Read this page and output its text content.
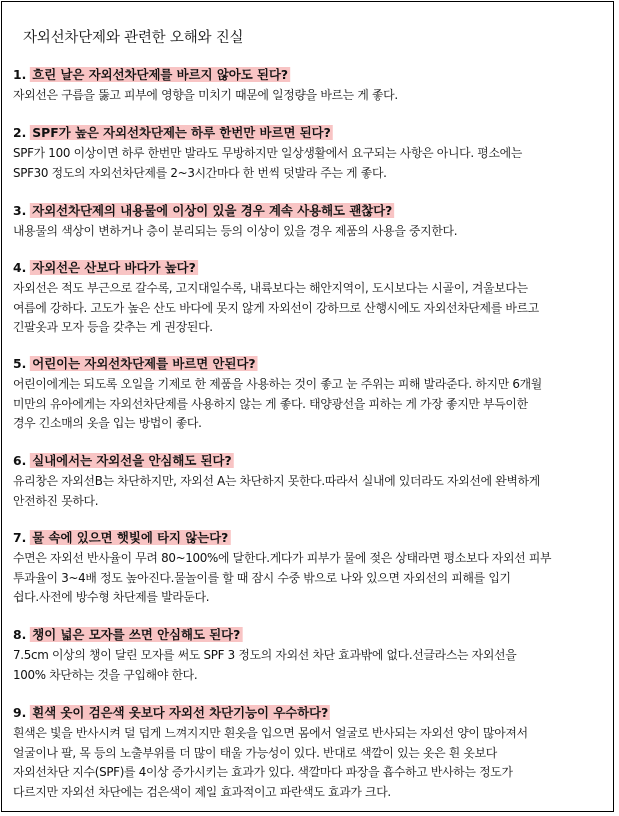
자외선차단제와 관련한 오해와 진실
1. 흐린 날은 자외선차단제를 바르지 않아도 된다?
자외선은 구름을 뚫고 피부에 영향을 미치기 때문에 일정량을 바르는 게 좋다.
2. SPF가 높은 자외선차단제는 하루 한번만 바르면 된다?
SPF가 100 이상이면 하루 한번만 발라도 무방하지만 일상생활에서 요구되는 사항은 아니다. 평소에는
SPF30 정도의 자외선차단제를 2~3시간마다 한 번씩 덧발라 주는 게 좋다.
3. 자외선차단제의 내용물에 이상이 있을 경우 계속 사용해도 괜찮다?
내용물의 색상이 변하거나 층이 분리되는 등의 이상이 있을 경우 제품의 사용을 중지한다.
4. 자외선은 산보다 바다가 높다?
자외선은 적도 부근으로 갈수록, 고지대일수록, 내륙보다는 해안지역이, 도시보다는 시골이, 겨울보다는
여름에 강하다. 고도가 높은 산도 바다에 못지 않게 자외선이 강하므로 산행시에도 자외선차단제를 바르고
긴팔옷과 모자 등을 갖추는 게 권장된다.
5. 어린이는 자외선차단제를 바르면 안된다?
어린이에게는 되도록 오일을 기제로 한 제품을 사용하는 것이 좋고 눈 주위는 피해 발라준다. 하지만 6개월
미만의 유아에게는 자외선차단제를 사용하지 않는 게 좋다. 태양광선을 피하는 게 가장 좋지만 부득이한
경우 긴소매의 옷을 입는 방법이 좋다.
6. 실내에서는 자외선을 안심해도 된다?
유리창은 자외선B는 차단하지만, 자외선 A는 차단하지 못한다.따라서 실내에 있더라도 자외선에 완벽하게
안전하진 못하다.
7. 물 속에 있으면 햇빛에 타지 않는다?
수면은 자외선 반사율이 무려 80~100%에 달한다.게다가 피부가 물에 젖은 상태라면 평소보다 자외선 피부
투과율이 3~4배 정도 높아진다.물놀이를 할 때 잠시 수중 밖으로 나와 있으면 자외선의 피해를 입기
쉽다.사전에 방수형 차단제를 발라둔다.
8. 챙이 넓은 모자를 쓰면 안심해도 된다?
7.5cm 이상의 챙이 달린 모자를 써도 SPF 3 정도의 자외선 차단 효과밖에 없다.선글라스는 자외선을
100% 차단하는 것을 구입해야 한다.
9. 흰색 옷이 검은색 옷보다 자외선 차단기능이 우수하다?
흰색은 빛을 반사시켜 덜 덥게 느껴지지만 흰옷을 입으면 몸에서 얼굴로 반사되는 자외선 양이 많아져서
얼굴이나 팔, 목 등의 노출부위를 더 많이 태울 가능성이 있다. 반대로 색깔이 있는 옷은 흰 옷보다
자외선차단 지수(SPF)를 4이상 증가시키는 효과가 있다. 색깔마다 파장을 흡수하고 반사하는 정도가
다르지만 자외선 차단에는 검은색이 제일 효과적이고 파란색도 효과가 크다.
